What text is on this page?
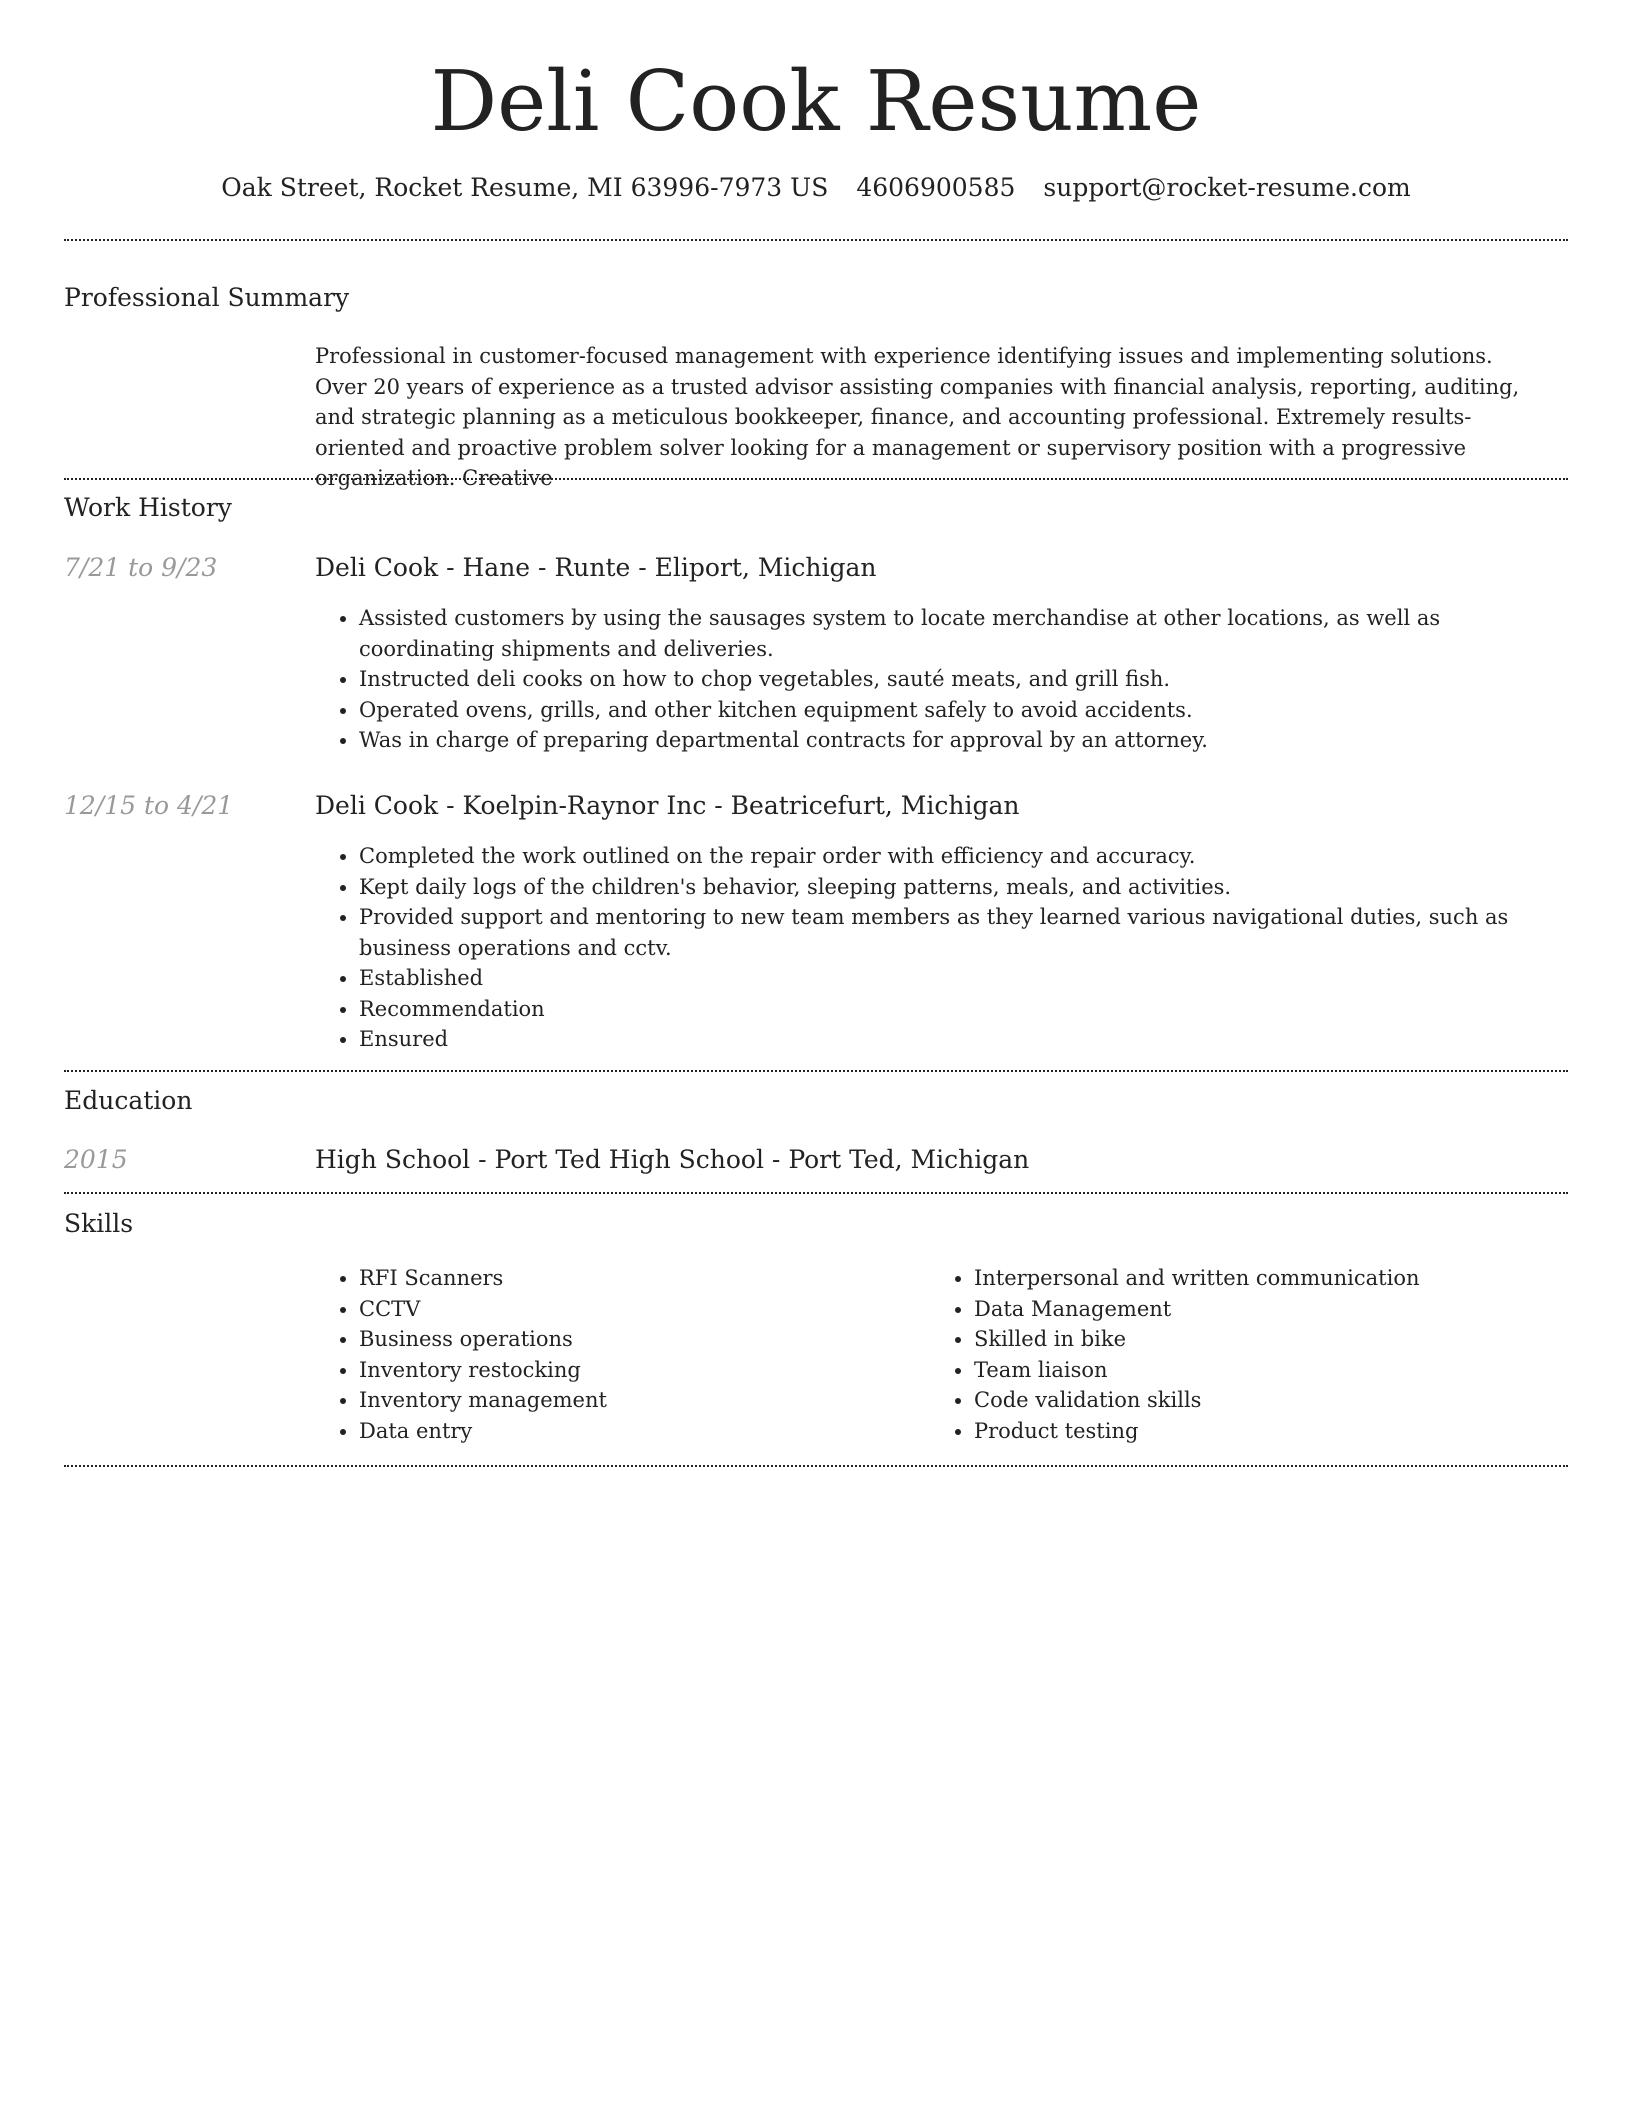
Deli Cook Resume
Oak Street, Rocket Resume, MI 63996-7973 US 4606900585 support@rocket-resume.com
Professional Summary

Professional in customer-focused management with experience identifying issues and implementing solutions. Over 20 years of experience as a trusted advisor assisting companies with financial analysis, reporting, auditing, and strategic planning as a meticulous bookkeeper, finance, and accounting professional. Extremely results-oriented and proactive problem solver looking for a management or supervisory position with a progressive organization. Creative

Work History
7/21 to 9/23	Deli Cook - Hane - Runte - Eliport, Michigan
• Assisted customers by using the sausages system to locate merchandise at other locations, as well as coordinating shipments and deliveries.
• Instructed deli cooks on how to chop vegetables, sauté meats, and grill fish.
• Operated ovens, grills, and other kitchen equipment safely to avoid accidents.
• Was in charge of preparing departmental contracts for approval by an attorney.
12/15 to 4/21	Deli Cook - Koelpin-Raynor Inc - Beatricefurt, Michigan
• Completed the work outlined on the repair order with efficiency and accuracy.
• Kept daily logs of the children's behavior, sleeping patterns, meals, and activities.
• Provided support and mentoring to new team members as they learned various navigational duties, such as business operations and cctv.
• Established
• Recommendation
• Ensured
Education
2015	High School - Port Ted High School - Port Ted, Michigan
Skills
• RFI Scanners
• CCTV
• Business operations
• Inventory restocking
• Inventory management
• Data entry
• Interpersonal and written communication
• Data Management
• Skilled in bike
• Team liaison
• Code validation skills
• Product testing
